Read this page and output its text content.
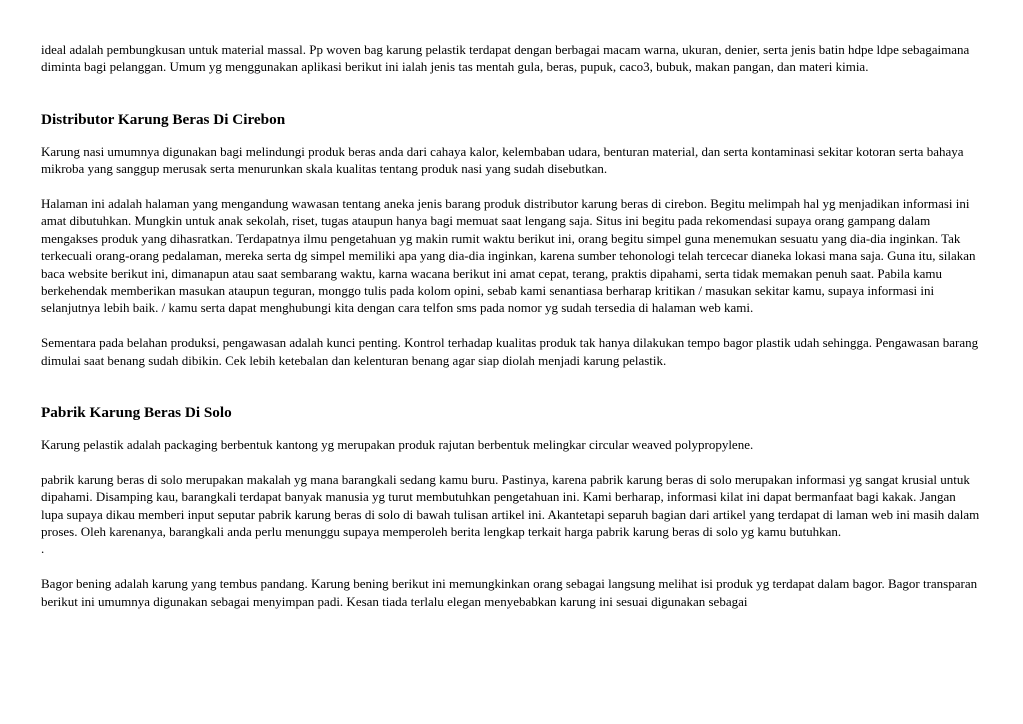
ideal adalah pembungkusan untuk material massal. Pp woven bag karung pelastik terdapat dengan berbagai macam warna, ukuran, denier, serta jenis batin hdpe ldpe sebagaimana diminta bagi pelanggan. Umum yg menggunakan aplikasi berikut ini ialah jenis tas mentah gula, beras, pupuk, caco3, bubuk, makan pangan, dan materi kimia.

Distributor Karung Beras Di Cirebon

Karung nasi umumnya digunakan bagi melindungi produk beras anda dari cahaya kalor, kelembaban udara, benturan material, dan serta kontaminasi sekitar kotoran serta bahaya mikroba yang sanggup merusak serta menurunkan skala kualitas tentang produk nasi yang sudah disebutkan.

Halaman ini adalah halaman yang mengandung wawasan tentang aneka jenis barang produk distributor karung beras di cirebon. Begitu melimpah hal yg menjadikan informasi ini amat dibutuhkan. Mungkin untuk anak sekolah, riset, tugas ataupun hanya bagi memuat saat lengang saja. Situs ini begitu pada rekomendasi supaya orang gampang dalam mengakses produk yang dihasratkan. Terdapatnya ilmu pengetahuan yg makin rumit waktu berikut ini, orang begitu simpel guna menemukan sesuatu yang dia-dia inginkan. Tak terkecuali orang-orang pedalaman, mereka serta dg simpel memiliki apa yang dia-dia inginkan, karena sumber tehonologi telah tercecar dianeka lokasi mana saja. Guna itu, silakan baca website berikut ini, dimanapun atau saat sembarang waktu, karna wacana berikut ini amat cepat, terang, praktis dipahami, serta tidak memakan penuh saat. Pabila kamu berkehendak memberikan masukan ataupun teguran, monggo tulis pada kolom opini, sebab kami senantiasa berharap kritikan / masukan sekitar kamu, supaya informasi ini selanjutnya lebih baik. / kamu serta dapat menghubungi kita dengan cara telfon sms pada nomor yg sudah tersedia di halaman web kami.

Sementara pada belahan produksi, pengawasan adalah kunci penting. Kontrol terhadap kualitas produk tak hanya dilakukan tempo bagor plastik udah sehingga. Pengawasan barang dimulai saat benang sudah dibikin. Cek lebih ketebalan dan kelenturan benang agar siap diolah menjadi karung pelastik.

Pabrik Karung Beras Di Solo

Karung pelastik adalah packaging berbentuk kantong yg merupakan produk rajutan berbentuk melingkar circular weaved polypropylene.

pabrik karung beras di solo merupakan makalah yg mana barangkali sedang kamu buru. Pastinya, karena pabrik karung beras di solo merupakan informasi yg sangat krusial untuk dipahami. Disamping kau, barangkali terdapat banyak manusia yg turut membutuhkan pengetahuan ini. Kami berharap, informasi kilat ini dapat bermanfaat bagi kakak. Jangan lupa supaya dikau memberi input seputar pabrik karung beras di solo di bawah tulisan artikel ini. Akantetapi separuh bagian dari artikel yang terdapat di laman web ini masih dalam proses. Oleh karenanya, barangkali anda perlu menunggu supaya memperoleh berita lengkap terkait harga pabrik karung beras di solo yg kamu butuhkan.

.

Bagor bening adalah karung yang tembus pandang. Karung bening berikut ini memungkinkan orang sebagai langsung melihat isi produk yg terdapat dalam bagor. Bagor transparan berikut ini umumnya digunakan sebagai menyimpan padi. Kesan tiada terlalu elegan menyebabkan karung ini sesuai digunakan sebagai
